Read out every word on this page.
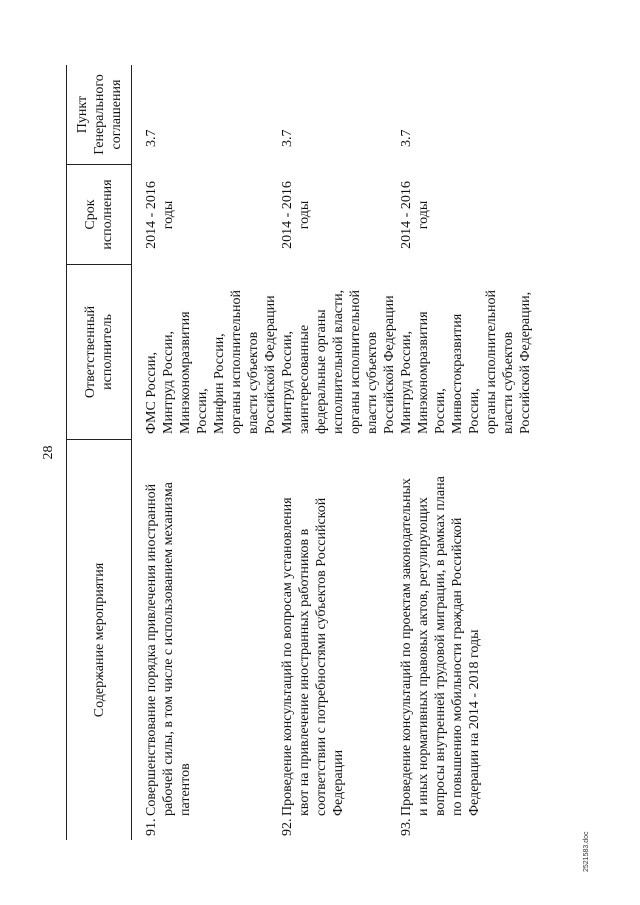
28
Содержание мероприятия
Ответственный
исполнитель
Срок
исполнения
Пункт
Генерального
соглашения
91.
Совершенствование порядка привлечения иностранной
рабочей силы, в том числе с использованием механизма
патентов
ФМС России,
Минтруд России,
Минэкономразвития
России,
Минфин России,
органы исполнительной
власти субъектов
Российской Федерации
2014 - 2016
годы
3.7
92.
Проведение консультаций по вопросам установления
квот на привлечение иностранных работников в
соответствии с потребностями субъектов Российской
Федерации
Минтруд России,
заинтересованные
федеральные органы
исполнительной власти,
органы исполнительной
власти субъектов
Российской Федерации
2014 - 2016
годы
3.7
93.
Проведение консультаций по проектам законодательных
и иных нормативных правовых актов, регулирующих
вопросы внутренней трудовой миграции, в рамках плана
по повышению мобильности граждан Российской
Федерации на 2014 - 2018 годы
Минтруд России,
Минэкономразвития
России,
Минвостокразвития
России,
органы исполнительной
власти субъектов
Российской Федерации,
2014 - 2016
годы
3.7
2521583.doc
